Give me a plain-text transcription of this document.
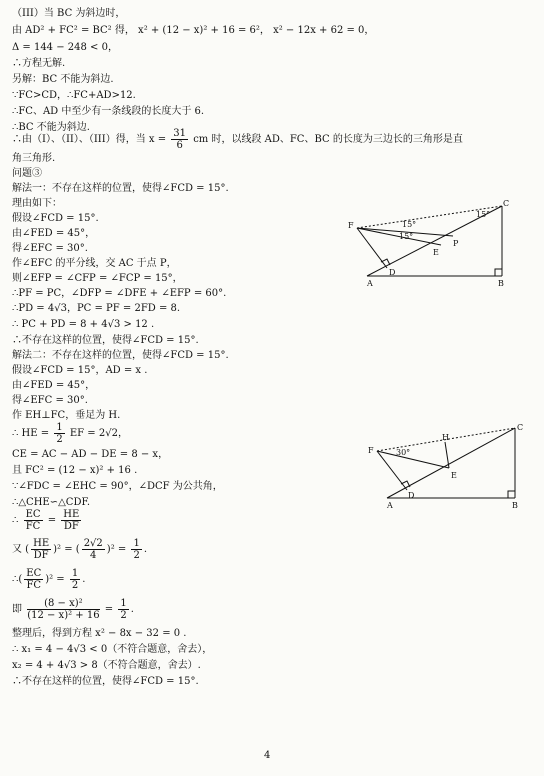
（III）当 BC 为斜边时，
由 AD² + FC² = BC² 得， x² + (12 − x)² + 16 = 6²， x² − 12x + 62 = 0，
Δ = 144 − 248 < 0，
∴方程无解.
另解：BC 不能为斜边.
∵FC>CD，∴FC+AD>12.
∴FC、AD 中至少有一条线段的长度大于 6.
∴BC 不能为斜边.
∴由（I）、（II）、（III）得，当 $x = \frac{31}{6}$ cm 时，以线段 AD、FC、BC 的长度为三边长的三角形是直
角三角形.
问题③
解法一：不存在这样的位置，使得∠FCD = 15°.
理由如下：
假设∠FCD = 15°.
由∠FED = 45°，
得∠EFC = 30°.
作∠EFC 的平分线，交 AC 于点 P，
则∠EFP = ∠CFP = ∠FCP = 15°，
∴PF = PC，∠DFP = ∠DFE + ∠EFP = 60°.
∴PD = 4√3，PC = PF = 2FD = 8.
∴ PC + PD = 8 + 4√3 > 12 .
∴不存在这样的位置，使得∠FCD = 15°.
解法二：不存在这样的位置，使得∠FCD = 15°.
假设∠FCD = 15°，AD = x .
由∠FED = 45°，
得∠EFC = 30°.
作 EH⊥FC，垂足为 H.
∴ HE = $\frac{1}{2}$ EF = 2√2，
CE = AC − AD − DE = 8 − x，
且 FC² = (12 − x)² + 16 .
∵∠FDC = ∠EHC = 90°，∠DCF 为公共角，
∴△CHE∽△CDF.
∴ $\frac{EC}{FC} = \frac{HE}{DF}$
又 ( $\frac{HE}{DF} )^2$ = ( $\frac{2√2}{4} )^2 = \frac{1}{2}$ .
∴( $\frac{EC}{FC} )^2 = \frac{1}{2}$ .
即 $\frac{\text{(8 − x)²}}{\text{(12 − x)² + 16}} = \frac{1}{2}$ .
整理后，得到方程 x² − 8x − 32 = 0 .
∴ x₁ = 4 − 4√3 < 0（不符合题意，舍去），
x₂ = 4 + 4√3 > 8（不符合题意，舍去）.
∴不存在这样的位置，使得∠FCD = 15°.
F
E
P
C
D
A	B
15°
15°
15°
F
H
C
E
D
A	B
30°
4
